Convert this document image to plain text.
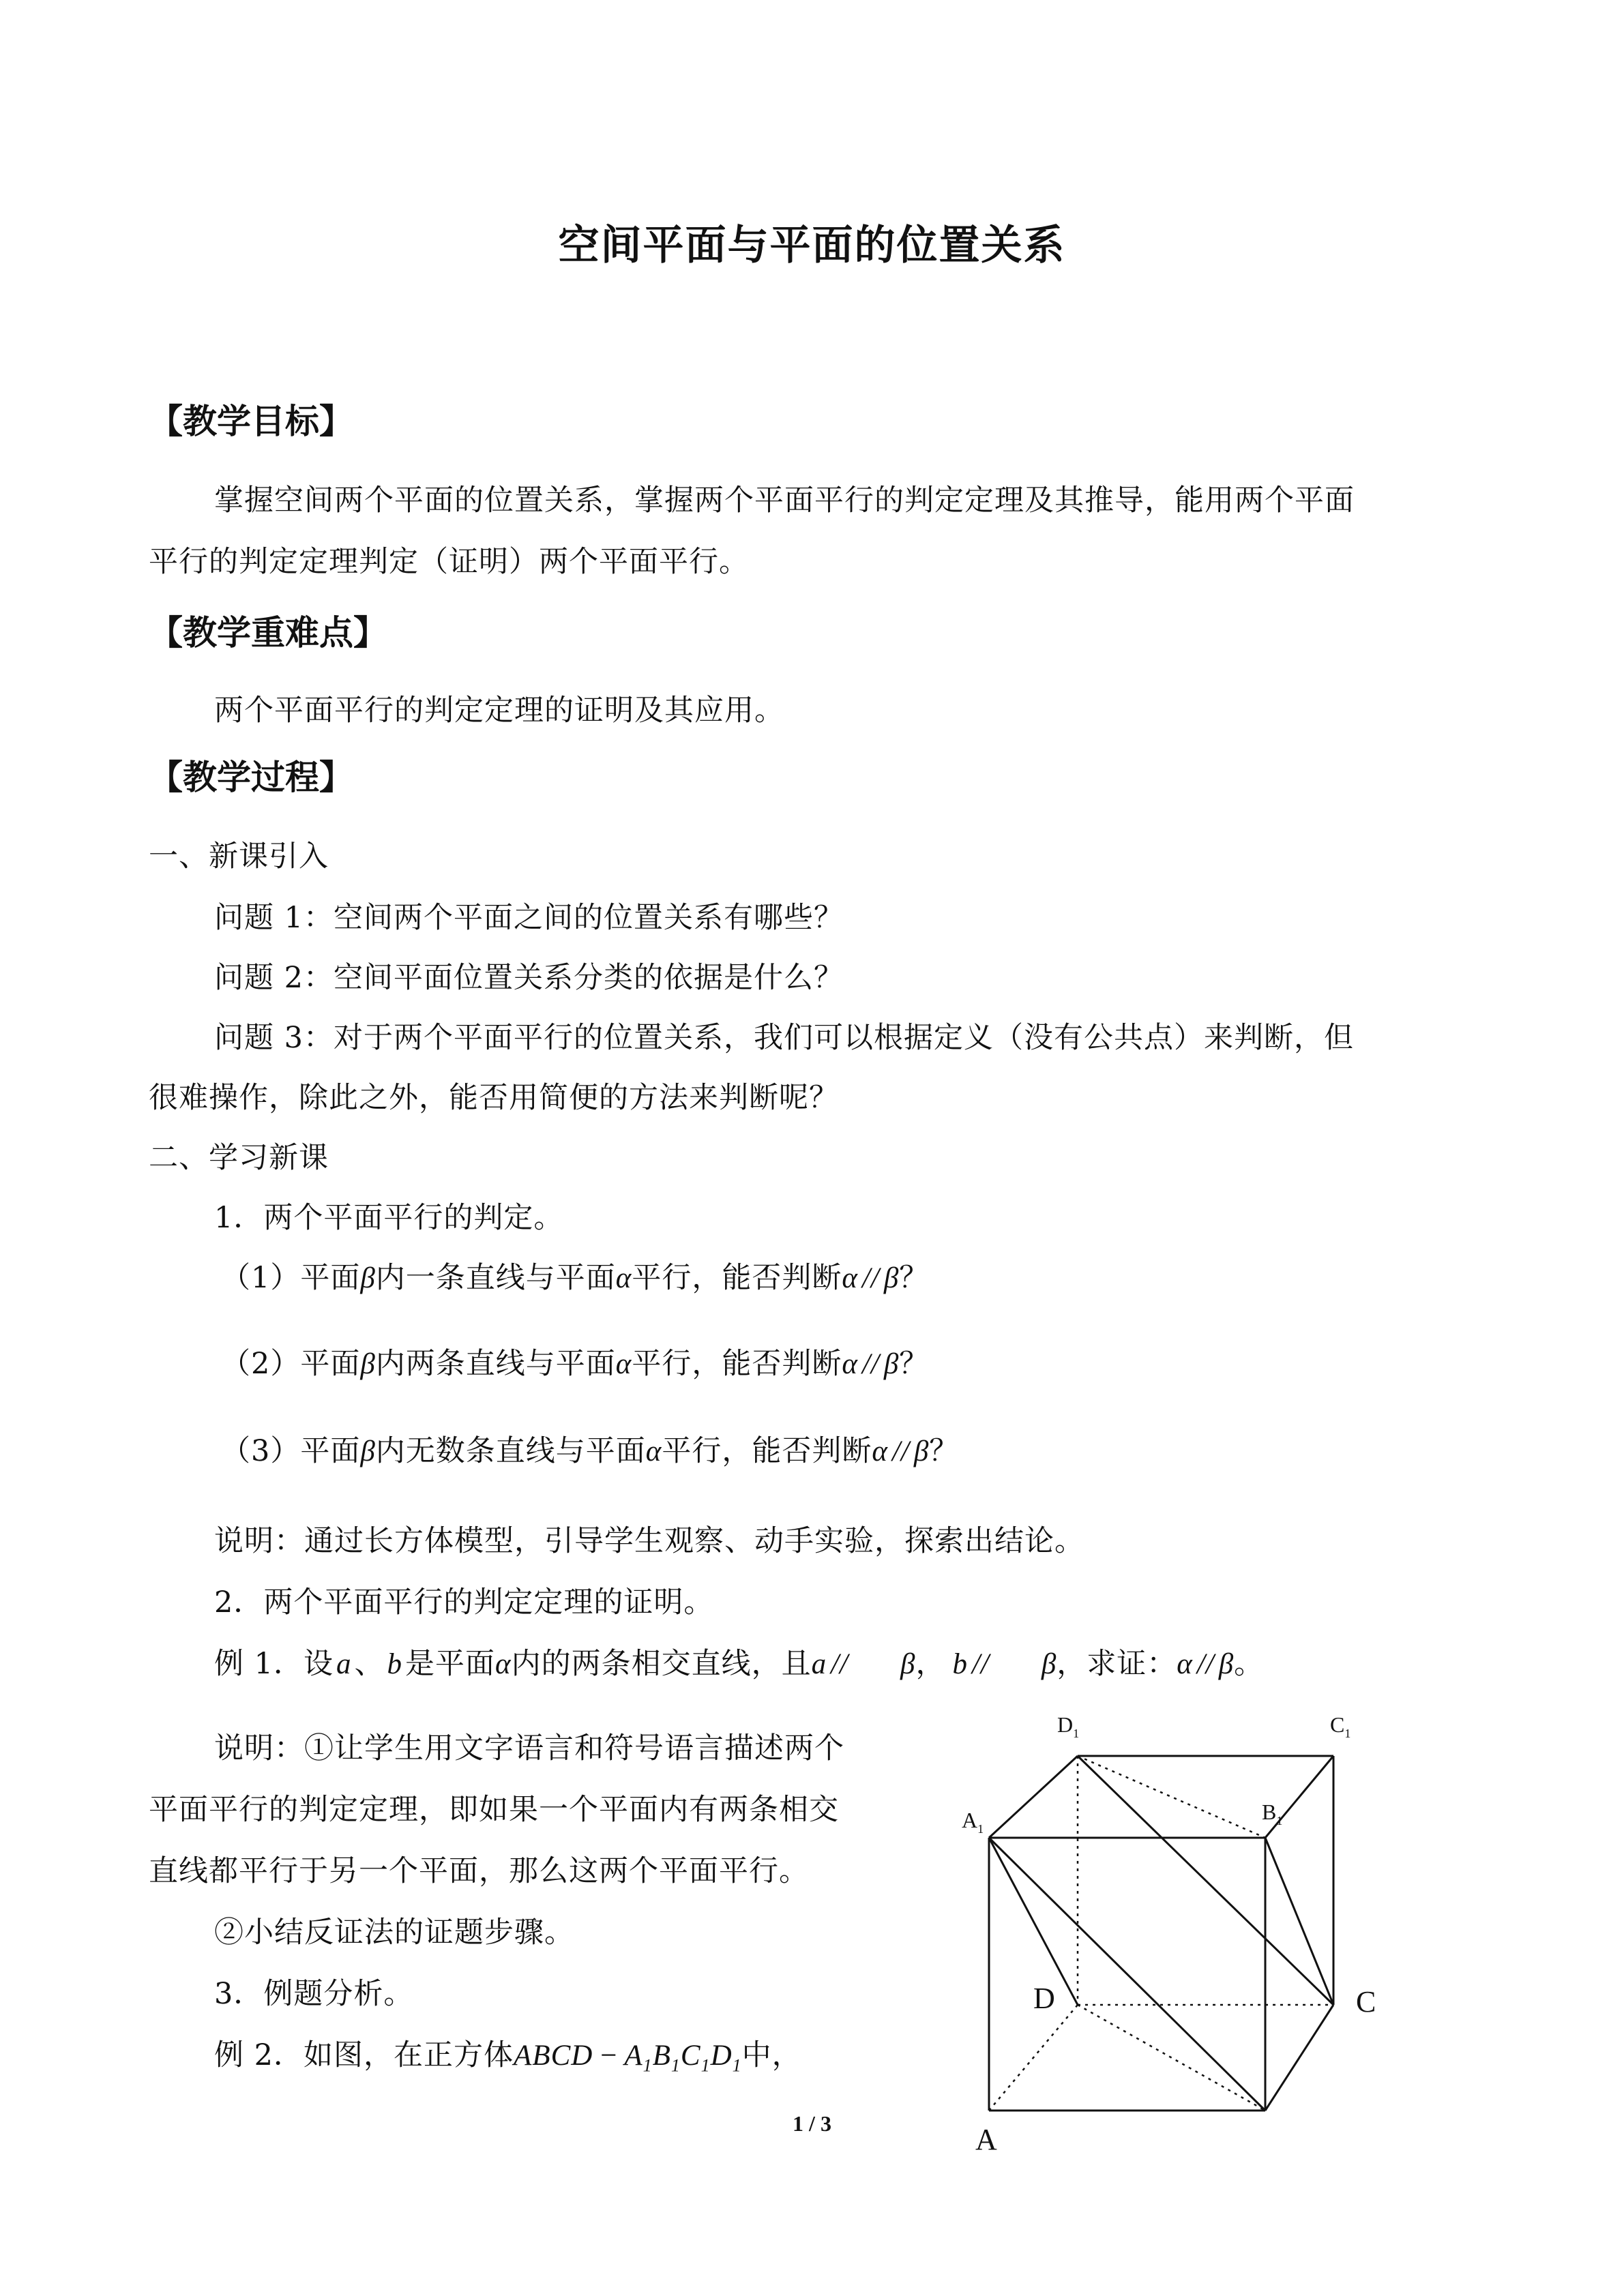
空间平面与平面的位置关系
【教学目标】
掌握空间两个平面的位置关系，掌握两个平面平行的判定定理及其推导，能用两个平面
平行的判定定理判定（证明）两个平面平行。
【教学重难点】
两个平面平行的判定定理的证明及其应用。
【教学过程】
一、新课引入
问题 1：空间两个平面之间的位置关系有哪些？
问题 2：空间平面位置关系分类的依据是什么？
问题 3：对于两个平面平行的位置关系，我们可以根据定义（没有公共点）来判断，但
很难操作，除此之外，能否用简便的方法来判断呢？
二、学习新课
1．两个平面平行的判定。
（1）平面β内一条直线与平面α平行，能否判断α // β？
（2）平面β内两条直线与平面α平行，能否判断α // β？
（3）平面β内无数条直线与平面α平行，能否判断α // β？
说明：通过长方体模型，引导学生观察、动手实验，探索出结论。
2．两个平面平行的判定定理的证明。
例 1．设a、b是平面α内的两条相交直线，且a // β， b // β，求证：α // β。
说明：①让学生用文字语言和符号语言描述两个
平面平行的判定定理，即如果一个平面内有两条相交
直线都平行于另一个平面，那么这两个平面平行。
②小结反证法的证题步骤。
3．例题分析。
例 2．如图，在正方体ABCD − $A_1B_1C_1D_1$中，
$D_1$	$C_1$
$A_1$
$B_1$
D	C
A
1 / 3
